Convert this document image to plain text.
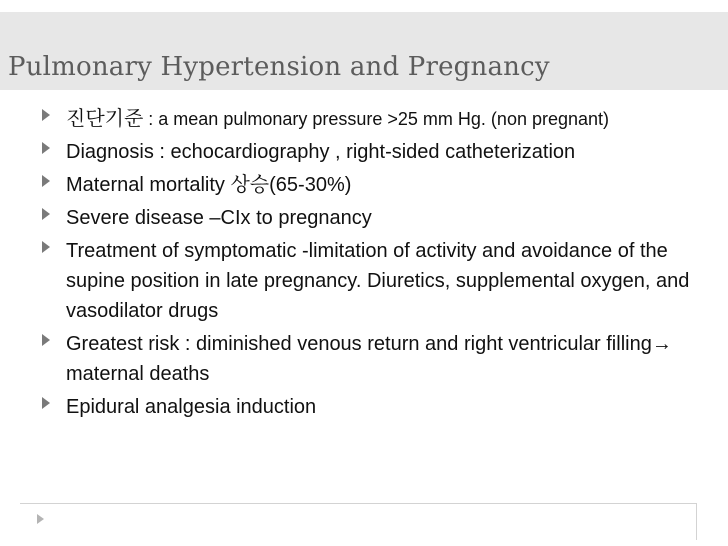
Pulmonary Hypertension and Pregnancy
진단기준 : a mean pulmonary pressure >25 mm Hg. (non pregnant)
Diagnosis : echocardiography , right-sided catheterization
Maternal mortality 상승(65-30%)
Severe disease –CIx to pregnancy
Treatment of symptomatic -limitation of activity and avoidance of the supine position in late pregnancy. Diuretics, supplemental oxygen, and vasodilator drugs
Greatest risk : diminished venous return and right ventricular filling→ maternal deaths
Epidural analgesia induction
